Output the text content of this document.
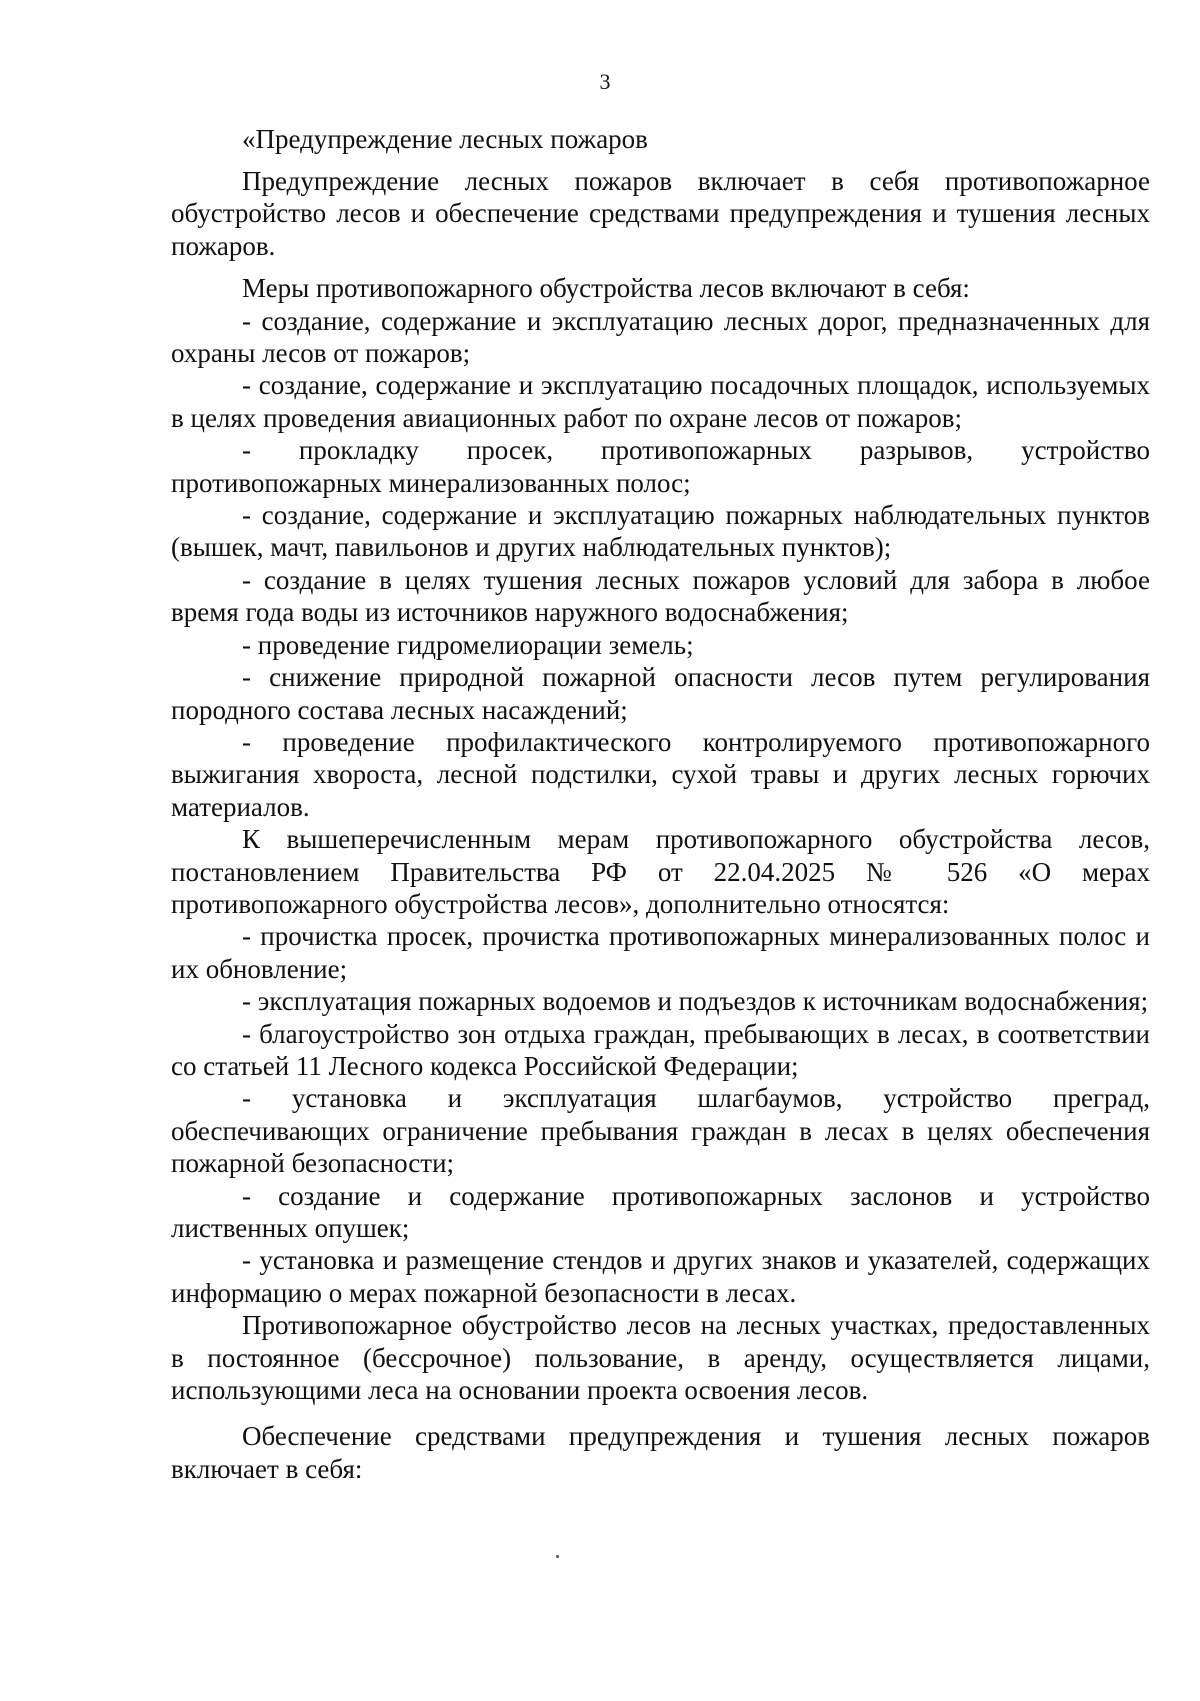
3
«Предупреждение лесных пожаров

Предупреждение лесных пожаров включает в себя противопожарное обустройство лесов и обеспечение средствами предупреждения и тушения лесных пожаров.

Меры противопожарного обустройства лесов включают в себя:

- создание, содержание и эксплуатацию лесных дорог, предназначенных для охраны лесов от пожаров;

- создание, содержание и эксплуатацию посадочных площадок, используемых в целях проведения авиационных работ по охране лесов от пожаров;

- прокладку просек, противопожарных разрывов, устройство противопожарных минерализованных полос;

- создание, содержание и эксплуатацию пожарных наблюдательных пунктов (вышек, мачт, павильонов и других наблюдательных пунктов);

- создание в целях тушения лесных пожаров условий для забора в любое время года воды из источников наружного водоснабжения;

- проведение гидромелиорации земель;

- снижение природной пожарной опасности лесов путем регулирования породного состава лесных насаждений;

- проведение профилактического контролируемого противопожарного выжигания хвороста, лесной подстилки, сухой травы и других лесных горючих материалов.

К вышеперечисленным мерам противопожарного обустройства лесов, постановлением Правительства РФ от 22.04.2025 № 526 «О мерах противопожарного обустройства лесов», дополнительно относятся:

- прочистка просек, прочистка противопожарных минерализованных полос и их обновление;

- эксплуатация пожарных водоемов и подъездов к источникам водоснабжения;

- благоустройство зон отдыха граждан, пребывающих в лесах, в соответствии со статьей 11 Лесного кодекса Российской Федерации;

- установка и эксплуатация шлагбаумов, устройство преград, обеспечивающих ограничение пребывания граждан в лесах в целях обеспечения пожарной безопасности;

- создание и содержание противопожарных заслонов и устройство лиственных опушек;

- установка и размещение стендов и других знаков и указателей, содержащих информацию о мерах пожарной безопасности в лесах.

Противопожарное обустройство лесов на лесных участках, предоставленных в постоянное (бессрочное) пользование, в аренду, осуществляется лицами, использующими леса на основании проекта освоения лесов.

Обеспечение средствами предупреждения и тушения лесных пожаров включает в себя:
